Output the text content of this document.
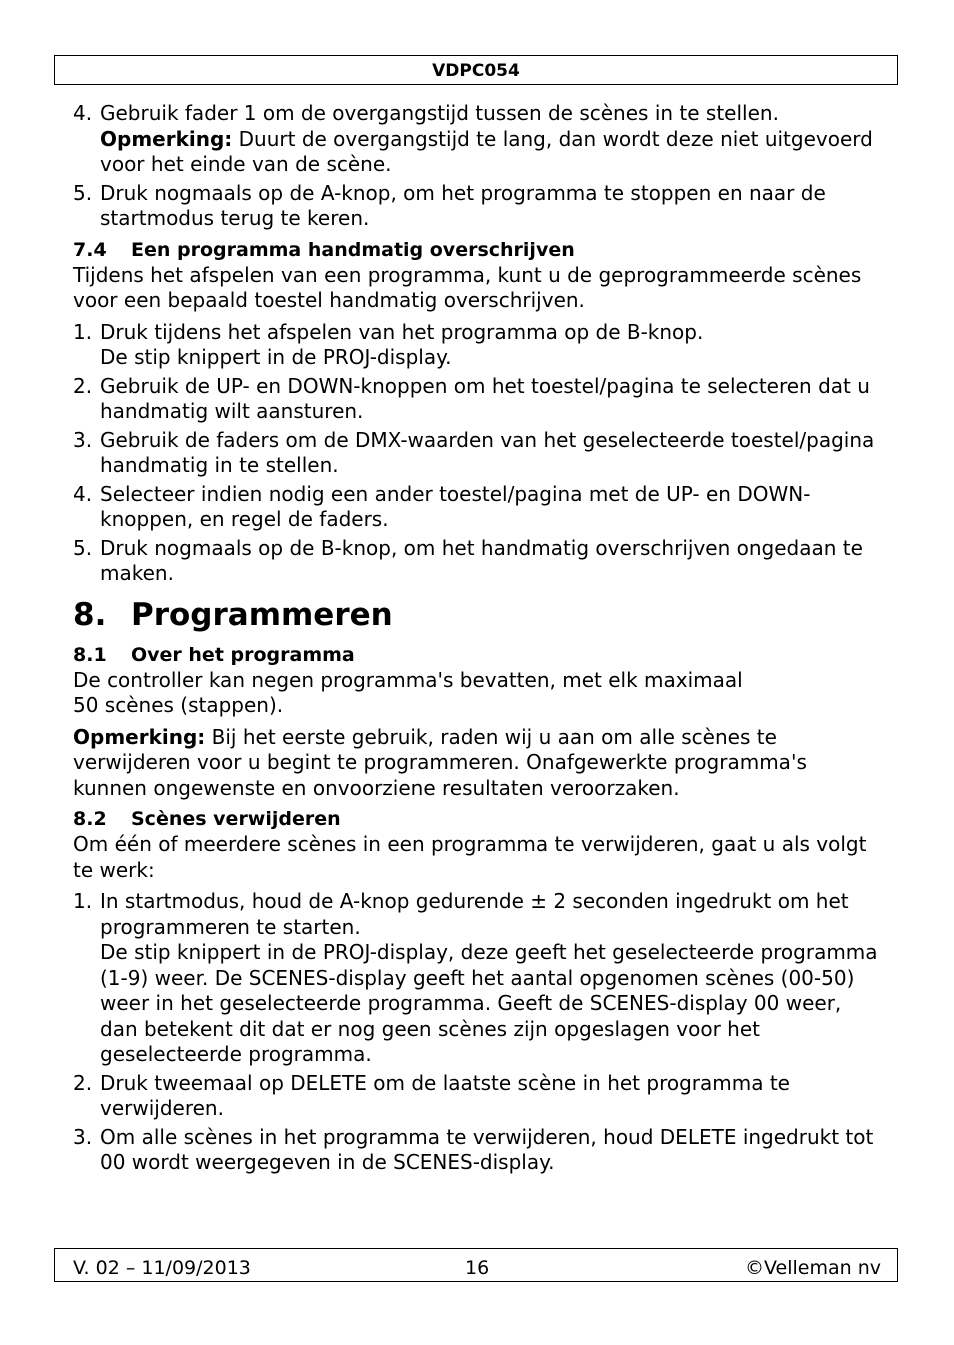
VDPC054
4. Gebruik fader 1 om de overgangstijd tussen de scènes in te stellen.
Opmerking: Duurt de overgangstijd te lang, dan wordt deze niet uitgevoerd voor het einde van de scène.
5. Druk nogmaals op de A-knop, om het programma te stoppen en naar de startmodus terug te keren.
7.4 Een programma handmatig overschrijven

Tijdens het afspelen van een programma, kunt u de geprogrammeerde scènes voor een bepaald toestel handmatig overschrijven.

1. Druk tijdens het afspelen van het programma op de B-knop.
De stip knippert in de PROJ-display.
2. Gebruik de UP- en DOWN-knoppen om het toestel/pagina te selecteren dat u handmatig wilt aansturen.
3. Gebruik de faders om de DMX-waarden van het geselecteerde toestel/pagina handmatig in te stellen.
4. Selecteer indien nodig een ander toestel/pagina met de UP- en DOWN-knoppen, en regel de faders.
5. Druk nogmaals op de B-knop, om het handmatig overschrijven ongedaan te maken.
8. Programmeren
8.1 Over het programma

De controller kan negen programma's bevatten, met elk maximaal
50 scènes (stappen).

Opmerking: Bij het eerste gebruik, raden wij u aan om alle scènes te verwijderen voor u begint te programmeren. Onafgewerkte programma's kunnen ongewenste en onvoorziene resultaten veroorzaken.

8.2 Scènes verwijderen

Om één of meerdere scènes in een programma te verwijderen, gaat u als volgt te werk:

1. In startmodus, houd de A-knop gedurende ± 2 seconden ingedrukt om het programmeren te starten.
De stip knippert in de PROJ-display, deze geeft het geselecteerde programma (1-9) weer. De SCENES-display geeft het aantal opgenomen scènes (00-50) weer in het geselecteerde programma. Geeft de SCENES-display 00 weer, dan betekent dit dat er nog geen scènes zijn opgeslagen voor het geselecteerde programma.
2. Druk tweemaal op DELETE om de laatste scène in het programma te verwijderen.
3. Om alle scènes in het programma te verwijderen, houd DELETE ingedrukt tot 00 wordt weergegeven in de SCENES-display.
V. 02 – 11/09/2013	16	©Velleman nv
